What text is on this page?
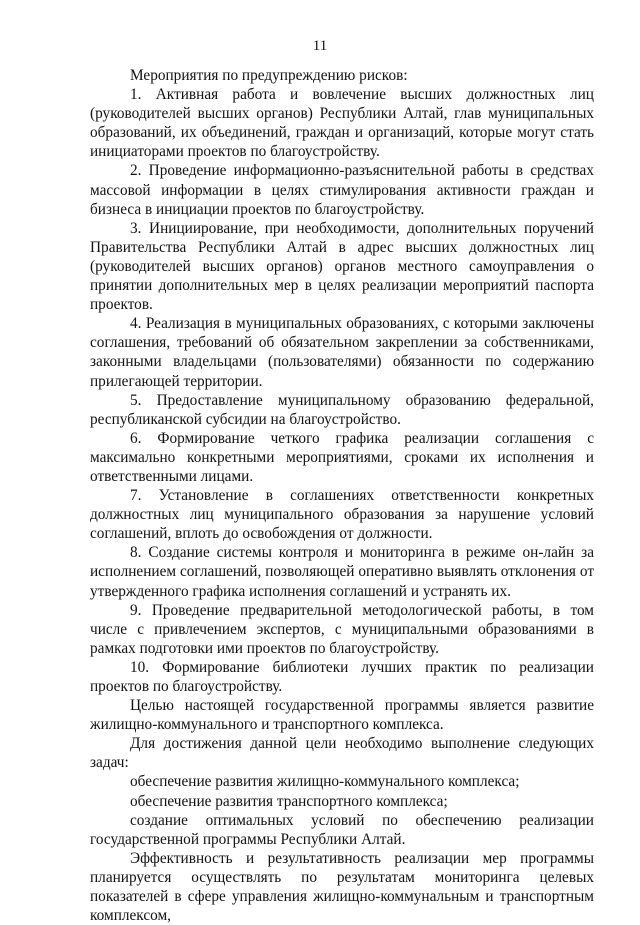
11

Мероприятия по предупреждению рисков:

1. Активная работа и вовлечение высших должностных лиц (руководителей высших органов) Республики Алтай, глав муниципальных образований, их объединений, граждан и организаций, которые могут стать инициаторами проектов по благоустройству.

2. Проведение информационно-разъяснительной работы в средствах массовой информации в целях стимулирования активности граждан и бизнеса в инициации проектов по благоустройству.

3. Инициирование, при необходимости, дополнительных поручений Правительства Республики Алтай в адрес высших должностных лиц (руководителей высших органов) органов местного самоуправления о принятии дополнительных мер в целях реализации мероприятий паспорта проектов.

4. Реализация в муниципальных образованиях, с которыми заключены соглашения, требований об обязательном закреплении за собственниками, законными владельцами (пользователями) обязанности по содержанию прилегающей территории.

5. Предоставление муниципальному образованию федеральной, республиканской субсидии на благоустройство.

6. Формирование четкого графика реализации соглашения с максимально конкретными мероприятиями, сроками их исполнения и ответственными лицами.

7. Установление в соглашениях ответственности конкретных должностных лиц муниципального образования за нарушение условий соглашений, вплоть до освобождения от должности.

8. Создание системы контроля и мониторинга в режиме он-лайн за исполнением соглашений, позволяющей оперативно выявлять отклонения от утвержденного графика исполнения соглашений и устранять их.

9. Проведение предварительной методологической работы, в том числе с привлечением экспертов, с муниципальными образованиями в рамках подготовки ими проектов по благоустройству.

10. Формирование библиотеки лучших практик по реализации проектов по благоустройству.

Целью настоящей государственной программы является развитие жилищно-коммунального и транспортного комплекса.

Для достижения данной цели необходимо выполнение следующих задач:

обеспечение развития жилищно-коммунального комплекса;

обеспечение развития транспортного комплекса;

создание оптимальных условий по обеспечению реализации государственной программы Республики Алтай.

Эффективность и результативность реализации мер программы планируется осуществлять по результатам мониторинга целевых показателей в сфере управления жилищно-коммунальным и транспортным комплексом,
